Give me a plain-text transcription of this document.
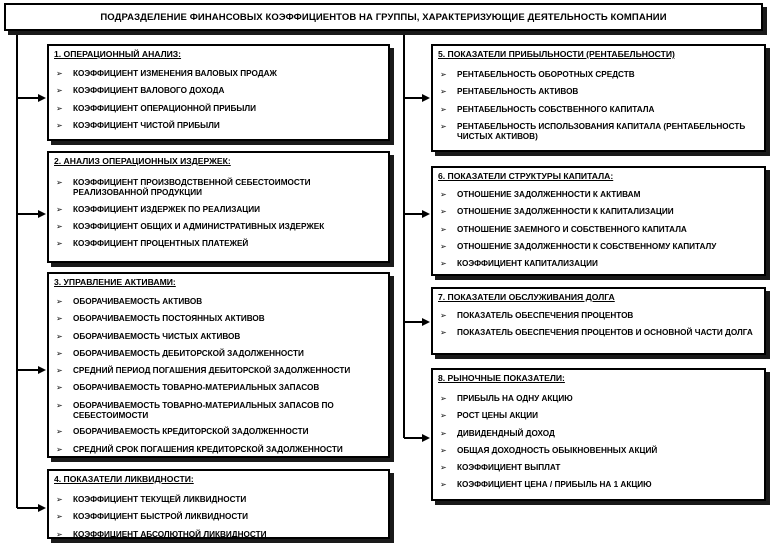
ПОДРАЗДЕЛЕНИЕ ФИНАНСОВЫХ КОЭФФИЦИЕНТОВ НА ГРУППЫ, ХАРАКТЕРИЗУЮЩИЕ ДЕЯТЕЛЬНОСТЬ КОМПАНИИ
1. ОПЕРАЦИОННЫЙ АНАЛИЗ:
➢ КОЭФФИЦИЕНТ ИЗМЕНЕНИЯ ВАЛОВЫХ ПРОДАЖ
➢ КОЭФФИЦИЕНТ ВАЛОВОГО ДОХОДА
➢ КОЭФФИЦИЕНТ ОПЕРАЦИОННОЙ ПРИБЫЛИ
➢ КОЭФФИЦИЕНТ ЧИСТОЙ ПРИБЫЛИ
2. АНАЛИЗ ОПЕРАЦИОННЫХ ИЗДЕРЖЕК:
➢ КОЭФФИЦИЕНТ ПРОИЗВОДСТВЕННОЙ СЕБЕСТОИМОСТИ РЕАЛИЗОВАННОЙ ПРОДУКЦИИ
➢ КОЭФФИЦИЕНТ ИЗДЕРЖЕК ПО РЕАЛИЗАЦИИ
➢ КОЭФФИЦИЕНТ ОБЩИХ И АДМИНИСТРАТИВНЫХ ИЗДЕРЖЕК
➢ КОЭФФИЦИЕНТ ПРОЦЕНТНЫХ ПЛАТЕЖЕЙ
3. УПРАВЛЕНИЕ АКТИВАМИ:
➢ ОБОРАЧИВАЕМОСТЬ АКТИВОВ
➢ ОБОРАЧИВАЕМОСТЬ ПОСТОЯННЫХ АКТИВОВ
➢ ОБОРАЧИВАЕМОСТЬ ЧИСТЫХ АКТИВОВ
➢ ОБОРАЧИВАЕМОСТЬ ДЕБИТОРСКОЙ ЗАДОЛЖЕННОСТИ
➢ СРЕДНИЙ ПЕРИОД ПОГАШЕНИЯ ДЕБИТОРСКОЙ ЗАДОЛЖЕННОСТИ
➢ ОБОРАЧИВАЕМОСТЬ ТОВАРНО-МАТЕРИАЛЬНЫХ ЗАПАСОВ
➢ ОБОРАЧИВАЕМОСТЬ ТОВАРНО-МАТЕРИАЛЬНЫХ ЗАПАСОВ ПО СЕБЕСТОИМОСТИ
➢ ОБОРАЧИВАЕМОСТЬ КРЕДИТОРСКОЙ ЗАДОЛЖЕННОСТИ
➢ СРЕДНИЙ СРОК ПОГАШЕНИЯ КРЕДИТОРСКОЙ ЗАДОЛЖЕННОСТИ
4. ПОКАЗАТЕЛИ ЛИКВИДНОСТИ:
➢ КОЭФФИЦИЕНТ ТЕКУЩЕЙ ЛИКВИДНОСТИ
➢ КОЭФФИЦИЕНТ БЫСТРОЙ ЛИКВИДНОСТИ
➢ КОЭФФИЦИЕНТ АБСОЛЮТНОЙ ЛИКВИДНОСТИ
5. ПОКАЗАТЕЛИ ПРИБЫЛЬНОСТИ (РЕНТАБЕЛЬНОСТИ)
➢ РЕНТАБЕЛЬНОСТЬ ОБОРОТНЫХ СРЕДСТВ
➢ РЕНТАБЕЛЬНОСТЬ АКТИВОВ
➢ РЕНТАБЕЛЬНОСТЬ СОБСТВЕННОГО КАПИТАЛА
➢ РЕНТАБЕЛЬНОСТЬ ИСПОЛЬЗОВАНИЯ КАПИТАЛА (РЕНТАБЕЛЬНОСТЬ ЧИСТЫХ АКТИВОВ)
6. ПОКАЗАТЕЛИ СТРУКТУРЫ КАПИТАЛА:
➢ ОТНОШЕНИЕ ЗАДОЛЖЕННОСТИ К АКТИВАМ
➢ ОТНОШЕНИЕ ЗАДОЛЖЕННОСТИ К КАПИТАЛИЗАЦИИ
➢ ОТНОШЕНИЕ ЗАЕМНОГО И СОБСТВЕННОГО КАПИТАЛА
➢ ОТНОШЕНИЕ ЗАДОЛЖЕННОСТИ К СОБСТВЕННОМУ КАПИТАЛУ
➢ КОЭФФИЦИЕНТ КАПИТАЛИЗАЦИИ
7. ПОКАЗАТЕЛИ ОБСЛУЖИВАНИЯ ДОЛГА
➢ ПОКАЗАТЕЛЬ ОБЕСПЕЧЕНИЯ ПРОЦЕНТОВ
➢ ПОКАЗАТЕЛЬ ОБЕСПЕЧЕНИЯ ПРОЦЕНТОВ И ОСНОВНОЙ ЧАСТИ ДОЛГА
8. РЫНОЧНЫЕ ПОКАЗАТЕЛИ:
➢ ПРИБЫЛЬ НА ОДНУ АКЦИЮ
➢ РОСТ ЦЕНЫ АКЦИИ
➢ ДИВИДЕНДНЫЙ ДОХОД
➢ ОБЩАЯ ДОХОДНОСТЬ ОБЫКНОВЕННЫХ АКЦИЙ
➢ КОЭФФИЦИЕНТ ВЫПЛАТ
➢ КОЭФФИЦИЕНТ ЦЕНА / ПРИБЫЛЬ НА 1 АКЦИЮ
